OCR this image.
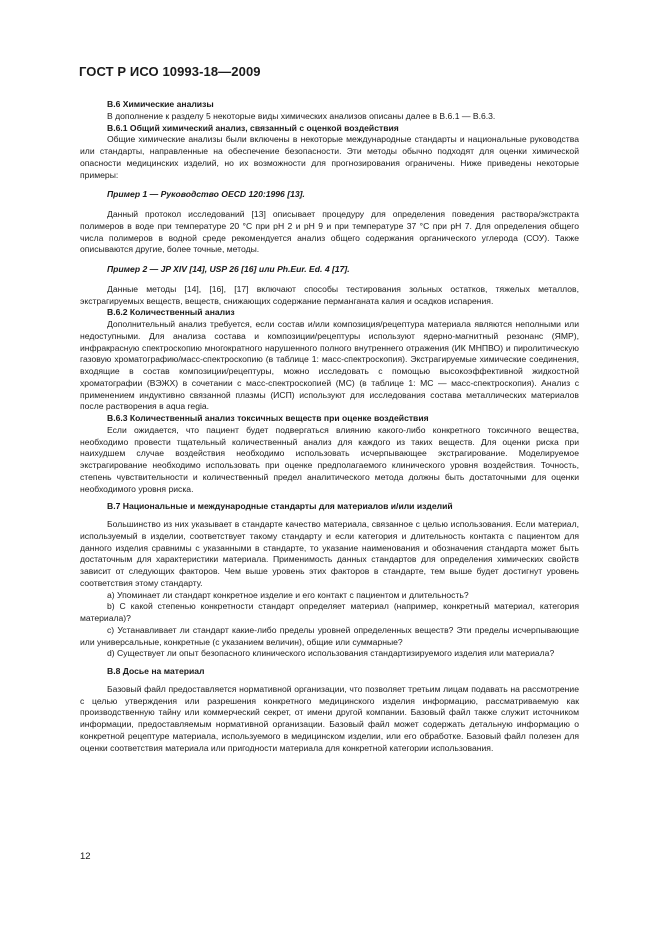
ГОСТ Р ИСО 10993-18—2009

В.6 Химические анализы

В дополнение к разделу 5 некоторые виды химических анализов описаны далее в В.6.1 — В.6.3.

В.6.1 Общий химический анализ, связанный с оценкой воздействия

Общие химические анализы были включены в некоторые международные стандарты и национальные руководства или стандарты, направленные на обеспечение безопасности. Эти методы обычно подходят для оценки химической опасности медицинских изделий, но их возможности для прогнозирования ограничены. Ниже приведены некоторые примеры:

Пример 1 — Руководство OECD 120:1996 [13].

Данный протокол исследований [13] описывает процедуру для определения поведения раствора/экстракта полимеров в воде при температуре 20 °C при pH 2 и pH 9 и при температуре 37 °C при pH 7. Для определения общего числа полимеров в водной среде рекомендуется анализ общего содержания органического углерода (СОУ). Также описываются другие, более точные, методы.

Пример 2 — JP XIV [14], USP 26 [16] или Ph.Eur. Ed. 4 [17].

Данные методы [14], [16], [17] включают способы тестирования зольных остатков, тяжелых металлов, экстрагируемых веществ, веществ, снижающих содержание перманганата калия и осадков испарения.

В.6.2 Количественный анализ

Дополнительный анализ требуется, если состав и/или композиция/рецептура материала являются неполными или недоступными. Для анализа состава и композиции/рецептуры используют ядерно-магнитный резонанс (ЯМР), инфракрасную спектроскопию многократного нарушенного полного внутреннего отражения (ИК МНПВО) и пиролитическую газовую хроматографию/масс-спектроскопию (в таблице 1: масс-спектроскопия). Экстрагируемые химические соединения, входящие в состав композиции/рецептуры, можно исследовать с помощью высокоэффективной жидкостной хроматографии (ВЭЖХ) в сочетании с масс-спектроскопией (МС) (в таблице 1: МС — масс-спектроскопия). Анализ с применением индуктивно связанной плазмы (ИСП) используют для исследования состава металлических материалов после растворения в aqua regia.

В.6.3 Количественный анализ токсичных веществ при оценке воздействия

Если ожидается, что пациент будет подвергаться влиянию какого-либо конкретного токсичного вещества, необходимо провести тщательный количественный анализ для каждого из таких веществ. Для оценки риска при наихудшем случае воздействия необходимо использовать исчерпывающее экстрагирование. Моделируемое экстрагирование необходимо использовать при оценке предполагаемого клинического уровня воздействия. Точность, степень чувствительности и количественный предел аналитического метода должны быть достаточными для оценки необходимого уровня риска.

В.7 Национальные и международные стандарты для материалов и/или изделий

Большинство из них указывает в стандарте качество материала, связанное с целью использования. Если материал, используемый в изделии, соответствует такому стандарту и если категория и длительность контакта с пациентом для данного изделия сравнимы с указанными в стандарте, то указание наименования и обозначения стандарта может быть достаточным для характеристики материала. Применимость данных стандартов для определения химических свойств зависит от следующих факторов. Чем выше уровень этих факторов в стандарте, тем выше будет достигнут уровень соответствия этому стандарту.

a) Упоминает ли стандарт конкретное изделие и его контакт с пациентом и длительность?

b) С какой степенью конкретности стандарт определяет материал (например, конкретный материал, категория материала)?

c) Устанавливает ли стандарт какие-либо пределы уровней определенных веществ? Эти пределы исчерпывающие или универсальные, конкретные (с указанием величин), общие или суммарные?

d) Существует ли опыт безопасного клинического использования стандартизируемого изделия или материала?

В.8 Досье на материал

Базовый файл предоставляется нормативной организации, что позволяет третьим лицам подавать на рассмотрение с целью утверждения или разрешения конкретного медицинского изделия информацию, рассматриваемую как производственную тайну или коммерческий секрет, от имени другой компании. Базовый файл также служит источником информации, предоставляемым нормативной организации. Базовый файл может содержать детальную информацию о конкретной рецептуре материала, используемого в медицинском изделии, или его обработке. Базовый файл полезен для оценки соответствия материала или пригодности материала для конкретной категории использования.

12
